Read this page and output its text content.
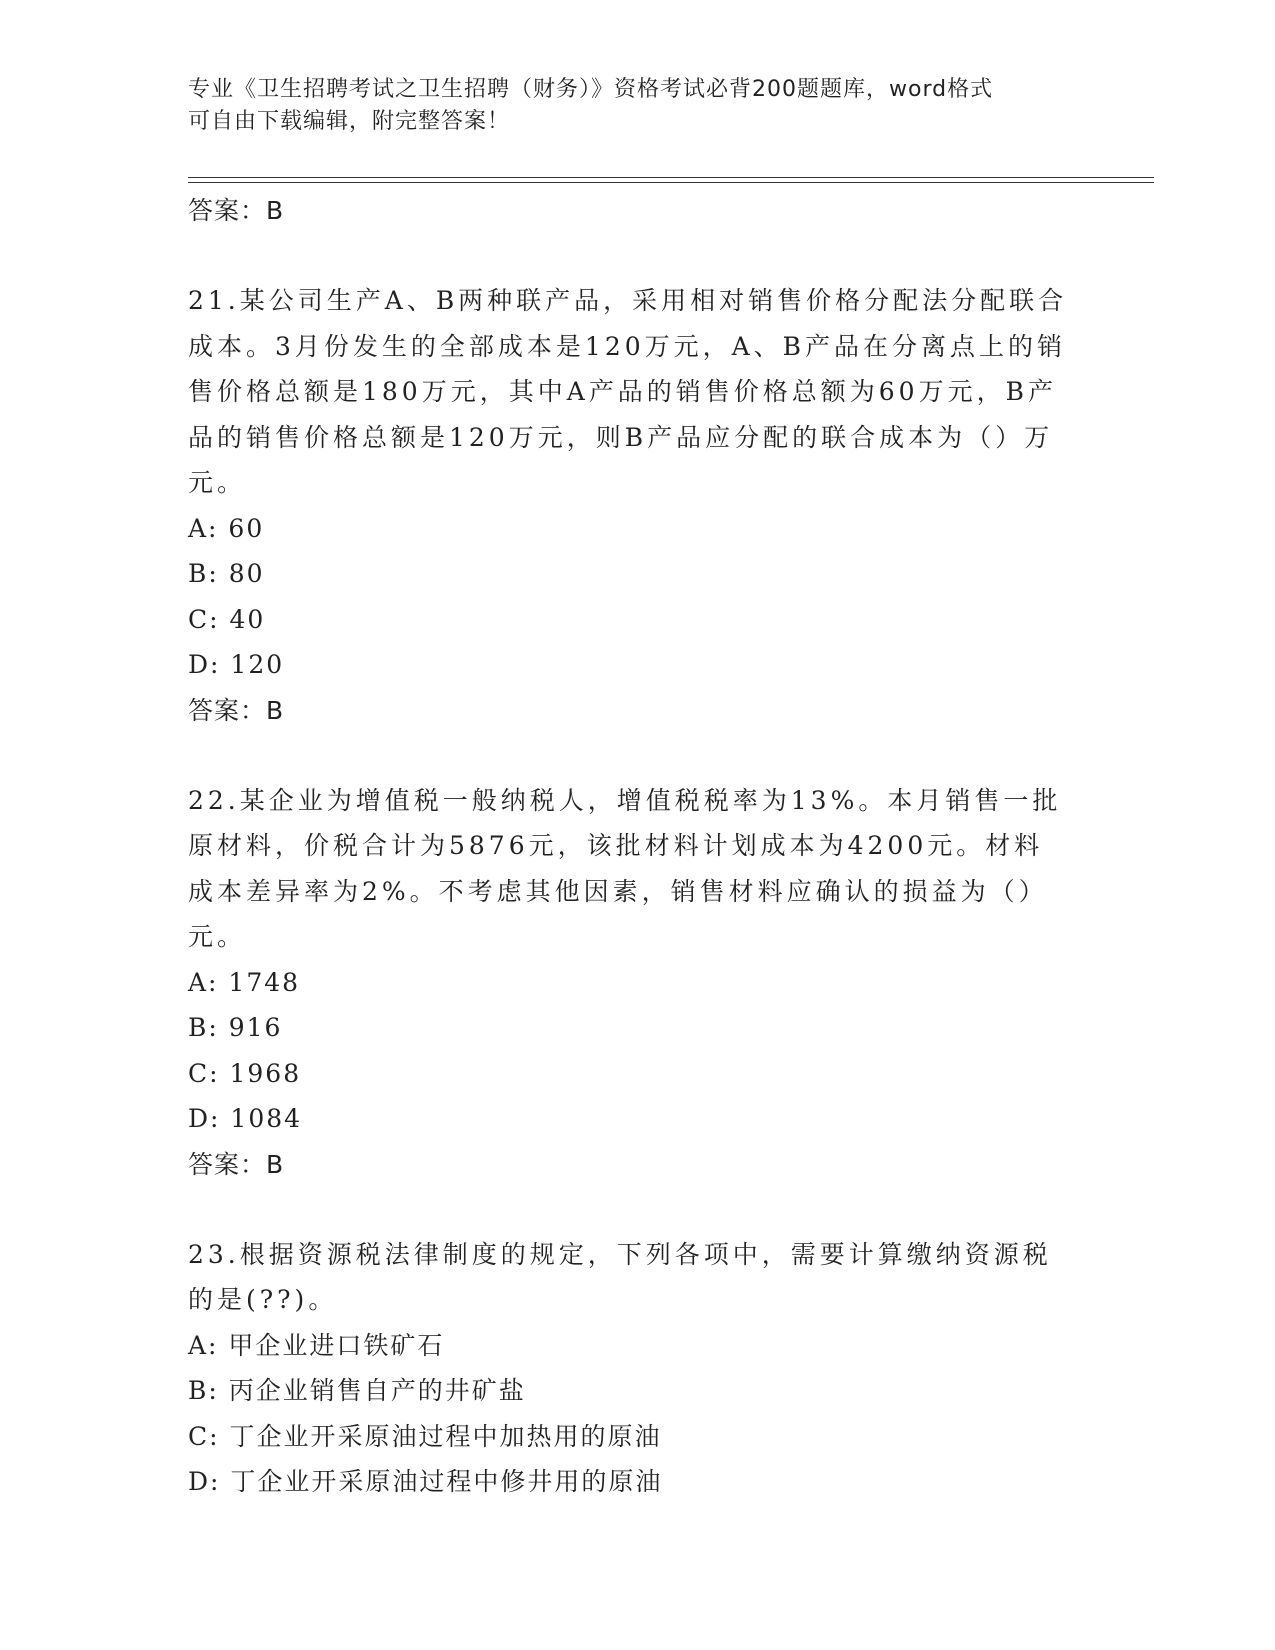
专业《卫生招聘考试之卫生招聘（财务）》资格考试必背200题题库，word格式
可自由下载编辑，附完整答案！
答案：B
21.某公司生产A、B两种联产品，采用相对销售价格分配法分配联合成本。3月份发生的全部成本是120万元，A、B产品在分离点上的销售价格总额是180万元，其中A产品的销售价格总额为60万元，B产品的销售价格总额是120万元，则B产品应分配的联合成本为（）万元。
A: 60
B: 80
C: 40
D: 120
答案：B
22.某企业为增值税一般纳税人，增值税税率为13%。本月销售一批原材料，价税合计为5876元，该批材料计划成本为4200元。材料成本差异率为2%。不考虑其他因素，销售材料应确认的损益为（）元。
A: 1748
B: 916
C: 1968
D: 1084
答案：B
23.根据资源税法律制度的规定，下列各项中，需要计算缴纳资源税的是(??)。
A: 甲企业进口铁矿石
B: 丙企业销售自产的井矿盐
C: 丁企业开采原油过程中加热用的原油
D: 丁企业开采原油过程中修井用的原油
